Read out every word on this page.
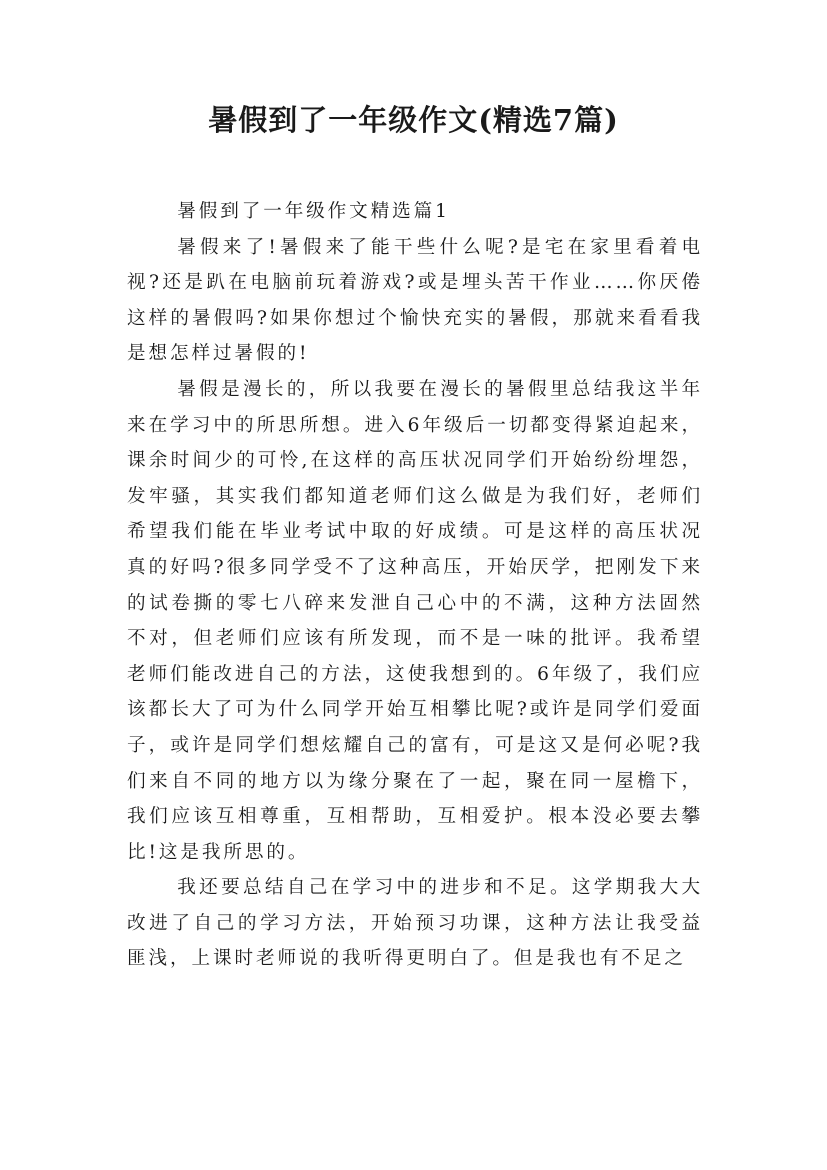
暑假到了一年级作文(精选7篇)
暑假到了一年级作文精选篇1

暑假来了!暑假来了能干些什么呢?是宅在家里看着电视?还是趴在电脑前玩着游戏?或是埋头苦干作业……你厌倦这样的暑假吗?如果你想过个愉快充实的暑假，那就来看看我是想怎样过暑假的!

暑假是漫长的，所以我要在漫长的暑假里总结我这半年来在学习中的所思所想。进入6年级后一切都变得紧迫起来，课余时间少的可怜,在这样的高压状况同学们开始纷纷埋怨，发牢骚，其实我们都知道老师们这么做是为我们好，老师们希望我们能在毕业考试中取的好成绩。可是这样的高压状况真的好吗?很多同学受不了这种高压，开始厌学，把刚发下来的试卷撕的零七八碎来发泄自己心中的不满，这种方法固然不对，但老师们应该有所发现，而不是一味的批评。我希望老师们能改进自己的方法，这使我想到的。6年级了，我们应该都长大了可为什么同学开始互相攀比呢?或许是同学们爱面子，或许是同学们想炫耀自己的富有，可是这又是何必呢?我们来自不同的地方以为缘分聚在了一起，聚在同一屋檐下，我们应该互相尊重，互相帮助，互相爱护。根本没必要去攀比!这是我所思的。

我还要总结自己在学习中的进步和不足。这学期我大大改进了自己的学习方法，开始预习功课，这种方法让我受益匪浅，上课时老师说的我听得更明白了。但是我也有不足之
